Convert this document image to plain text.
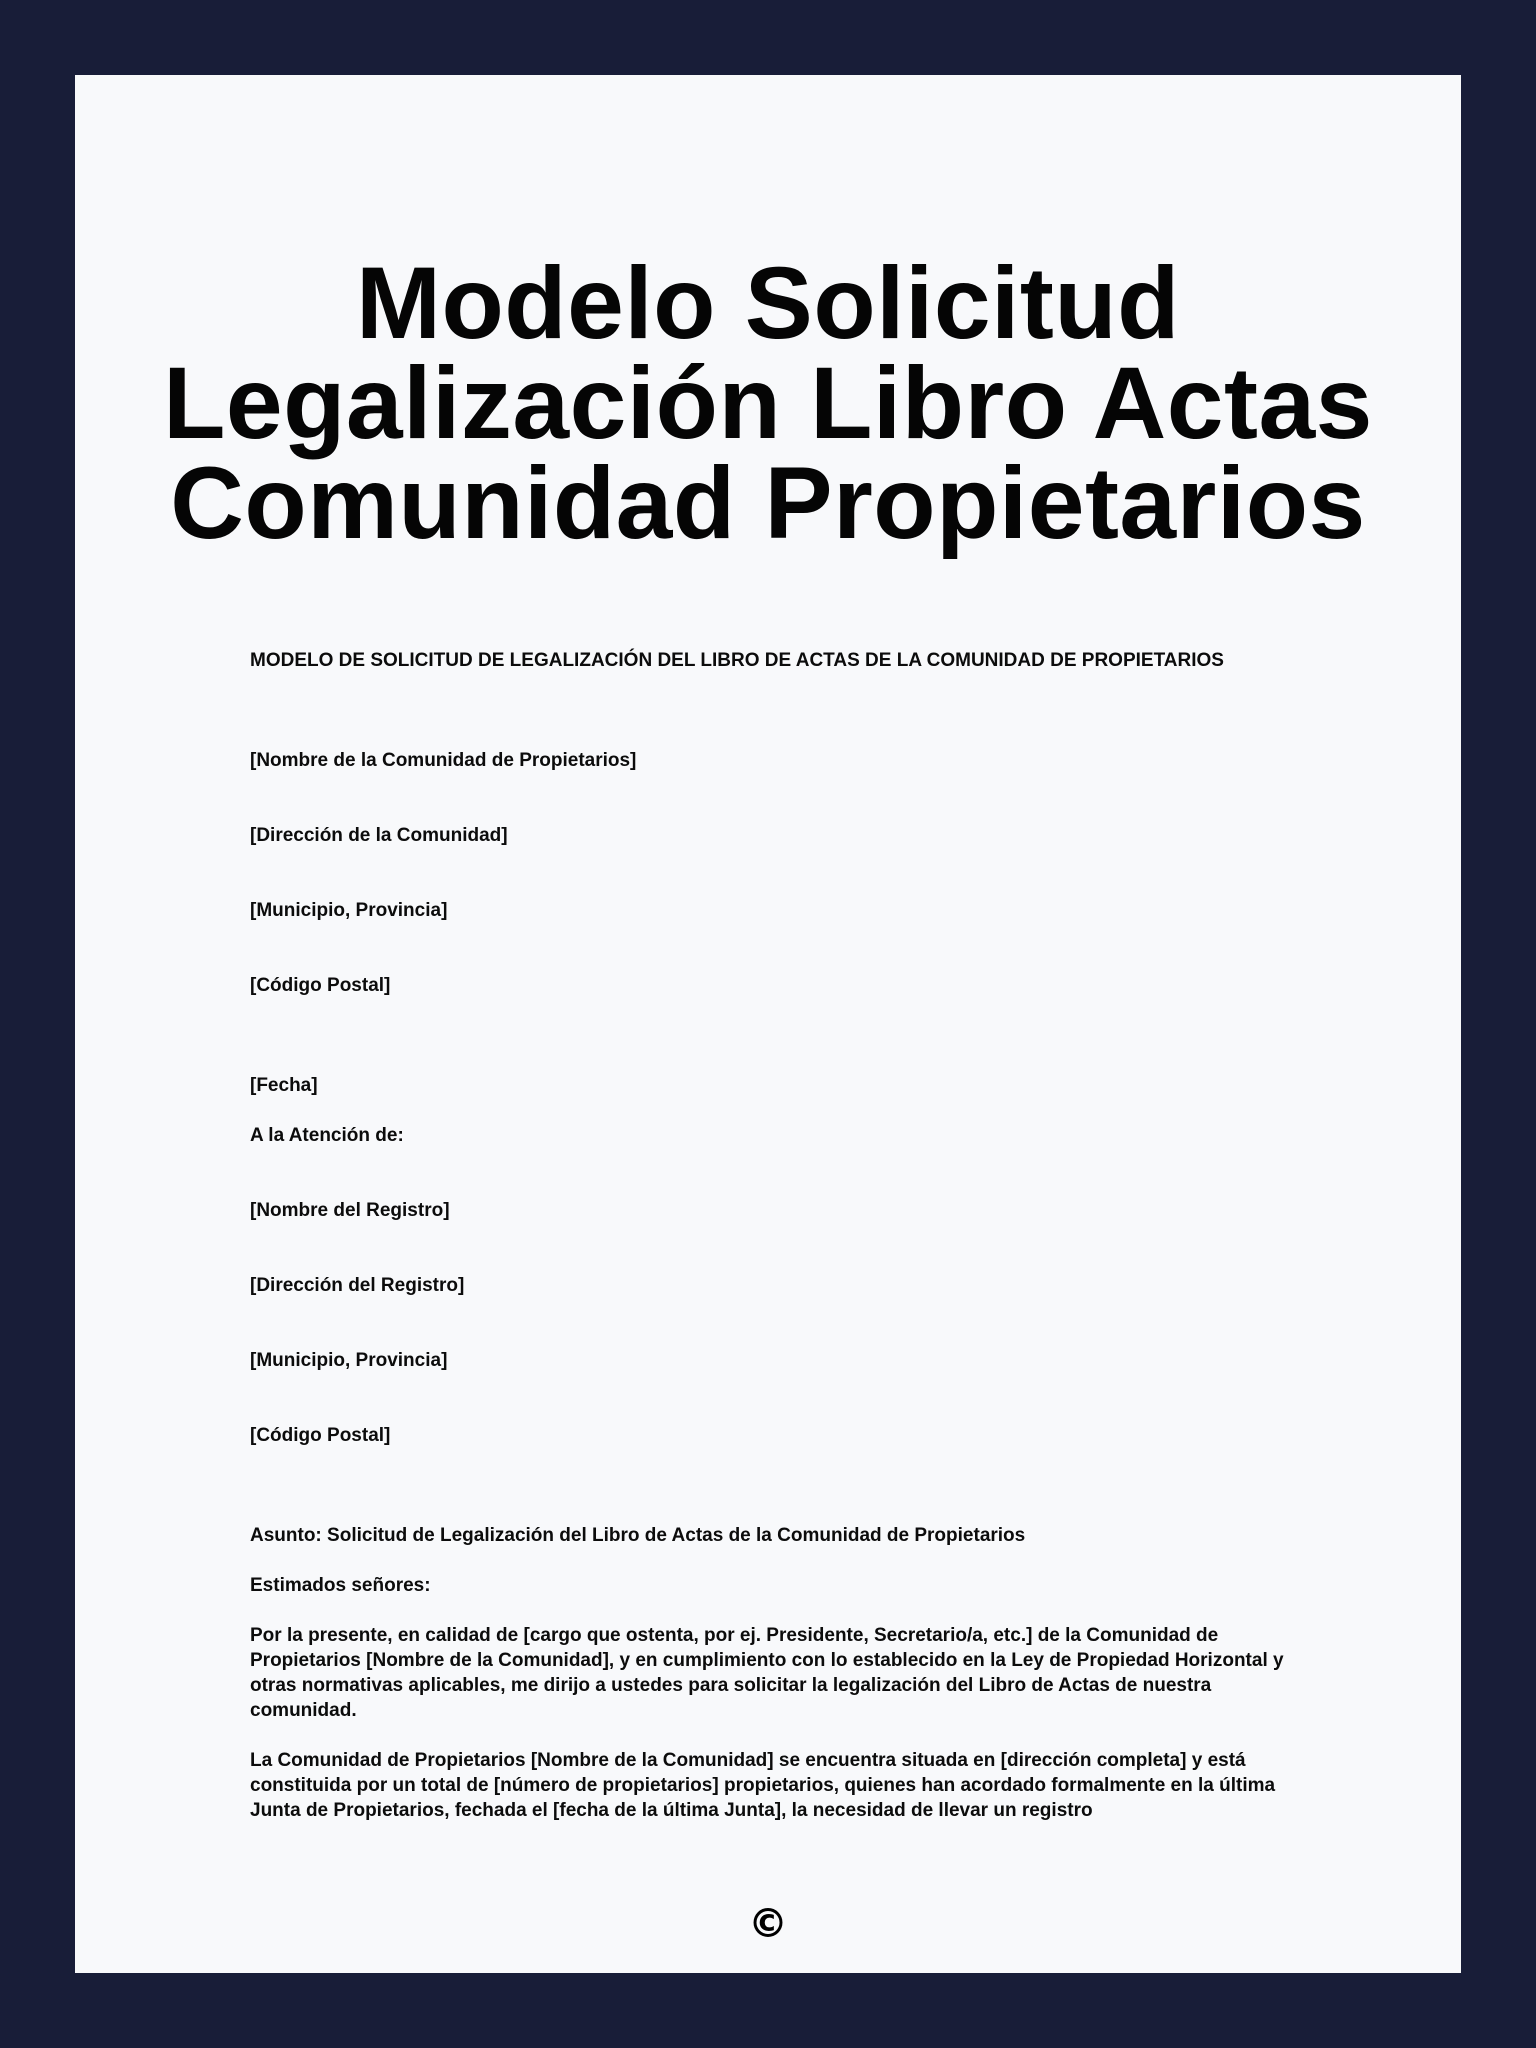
Modelo Solicitud
Legalización Libro Actas
Comunidad Propietarios

MODELO DE SOLICITUD DE LEGALIZACIÓN DEL LIBRO DE ACTAS DE LA COMUNIDAD DE PROPIETARIOS

[Nombre de la Comunidad de Propietarios]

[Dirección de la Comunidad]

[Municipio, Provincia]

[Código Postal]

[Fecha]

A la Atención de:

[Nombre del Registro]

[Dirección del Registro]

[Municipio, Provincia]

[Código Postal]

Asunto: Solicitud de Legalización del Libro de Actas de la Comunidad de Propietarios

Estimados señores:

Por la presente, en calidad de [cargo que ostenta, por ej. Presidente, Secretario/a, etc.] de la Comunidad de Propietarios [Nombre de la Comunidad], y en cumplimiento con lo establecido en la Ley de Propiedad Horizontal y otras normativas aplicables, me dirijo a ustedes para solicitar la legalización del Libro de Actas de nuestra comunidad.

La Comunidad de Propietarios [Nombre de la Comunidad] se encuentra situada en [dirección completa] y está constituida por un total de [número de propietarios] propietarios, quienes han acordado formalmente en la última Junta de Propietarios, fechada el [fecha de la última Junta], la necesidad de llevar un registro

©
